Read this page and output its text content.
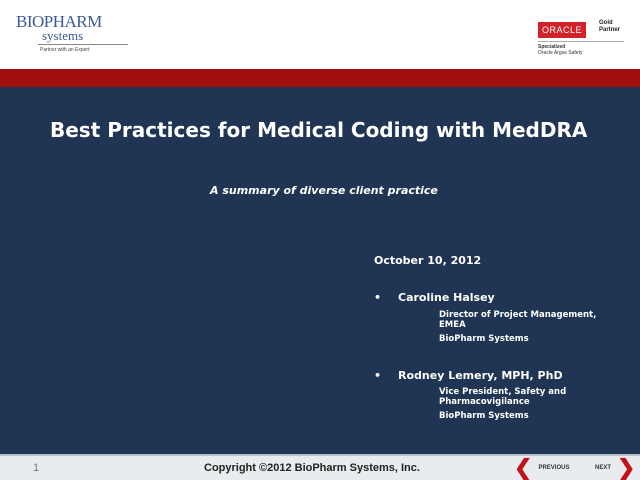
BIOPHARM
systems
Partner with an Expert
ORACLE
Gold
Partner
Specialized
Oracle Argus Safety
Best Practices for Medical Coding with MedDRA
A summary of diverse client practice
October 10, 2012
• Caroline Halsey
Director of Project Management,
EMEA
BioPharm Systems
• Rodney Lemery, MPH, PhD
Vice President, Safety and
Pharmacovigilance
BioPharm Systems
1	Copyright ©2012 BioPharm Systems, Inc.	❮ PREVIOUS	NEXT ❯
